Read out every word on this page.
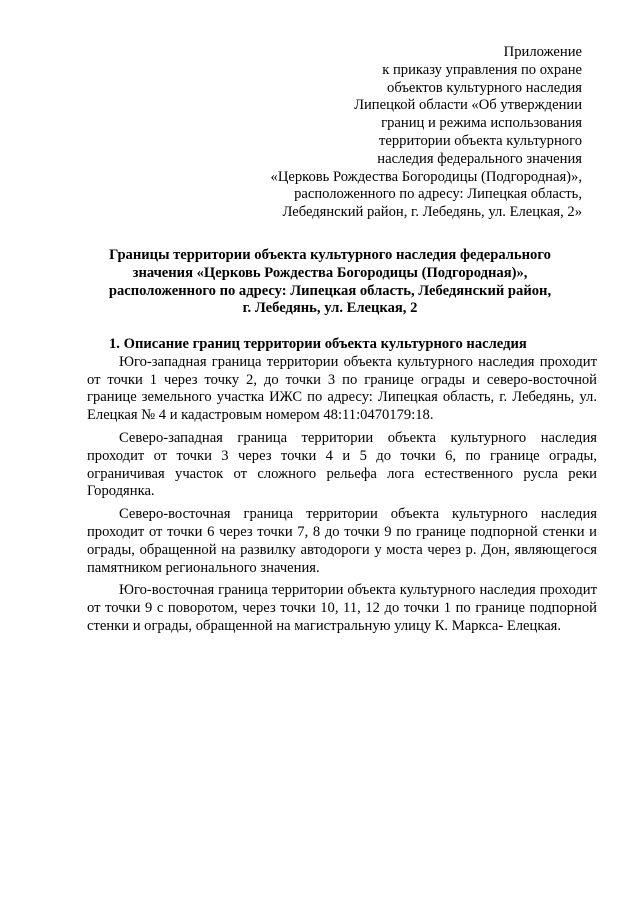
Приложение
к приказу управления по охране
объектов культурного наследия
Липецкой области «Об утверждении
границ и режима использования
территории объекта культурного
наследия федерального значения
«Церковь Рождества Богородицы (Подгородная)»,
расположенного по адресу: Липецкая область,
Лебедянский район, г. Лебедянь, ул. Елецкая, 2»
Границы территории объекта культурного наследия федерального
значения «Церковь Рождества Богородицы (Подгородная)»,
расположенного по адресу: Липецкая область, Лебедянский район,
г. Лебедянь, ул. Елецкая, 2
1. Описание границ территории объекта культурного наследия

Юго-западная граница территории объекта культурного наследия проходит от точки 1 через точку 2, до точки 3 по границе ограды и северо-восточной границе земельного участка ИЖС по адресу: Липецкая область, г. Лебедянь, ул. Елецкая № 4 и кадастровым номером 48:11:0470179:18.

Северо-западная граница территории объекта культурного наследия проходит от точки 3 через точки 4 и 5 до точки 6, по границе ограды, ограничивая участок от сложного рельефа лога естественного русла реки Городянка.

Северо-восточная граница территории объекта культурного наследия проходит от точки 6 через точки 7, 8 до точки 9 по границе подпорной стенки и ограды, обращенной на развилку автодороги у моста через р. Дон, являющегося памятником регионального значения.

Юго-восточная граница территории объекта культурного наследия проходит от точки 9 с поворотом, через точки 10, 11, 12 до точки 1 по границе подпорной стенки и ограды, обращенной на магистральную улицу К. Маркса- Елецкая.
